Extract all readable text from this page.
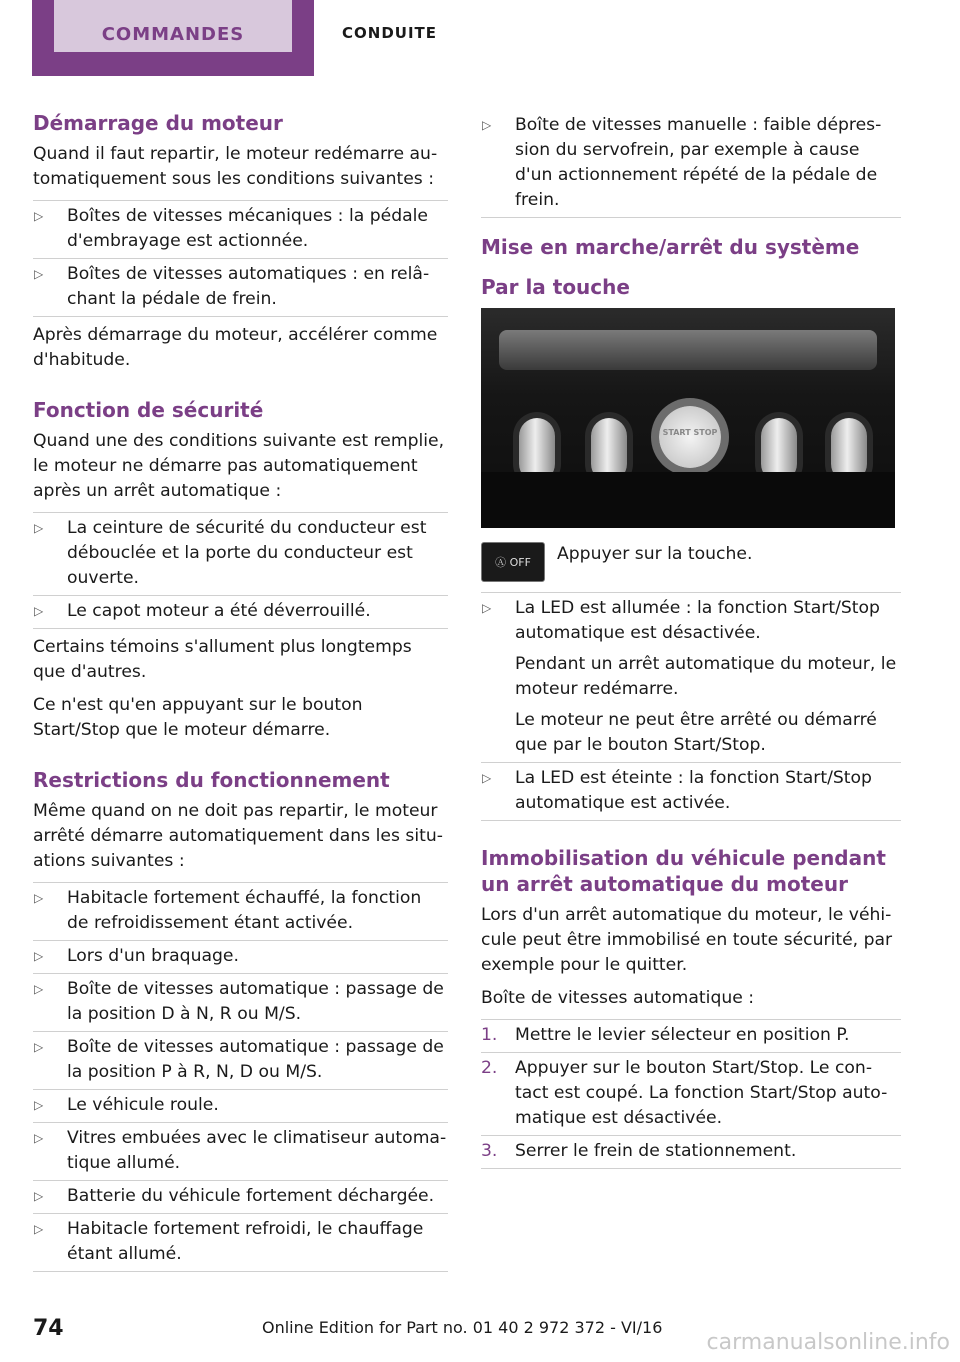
COMMANDES	CONDUITE
Démarrage du moteur

Quand il faut repartir, le moteur redémarre au-tomatiquement sous les conditions suivantes :

▷ Boîtes de vitesses mécaniques : la pédale d'embrayage est actionnée.
▷ Boîtes de vitesses automatiques : en relâ-chant la pédale de frein.

Après démarrage du moteur, accélérer comme d'habitude.

Fonction de sécurité

Quand une des conditions suivante est remplie, le moteur ne démarre pas automatiquement après un arrêt automatique :

▷ La ceinture de sécurité du conducteur est débouclée et la porte du conducteur est ouverte.
▷ Le capot moteur a été déverrouillé.

Certains témoins s'allument plus longtemps que d'autres.

Ce n'est qu'en appuyant sur le bouton Start/Stop que le moteur démarre.

Restrictions du fonctionnement

Même quand on ne doit pas repartir, le moteur arrêté démarre automatiquement dans les situ-ations suivantes :

▷ Habitacle fortement échauffé, la fonction de refroidissement étant activée.
▷ Lors d'un braquage.
▷ Boîte de vitesses automatique : passage de la position D à N, R ou M/S.
▷ Boîte de vitesses automatique : passage de la position P à R, N, D ou M/S.
▷ Le véhicule roule.
▷ Vitres embuées avec le climatiseur automa-tique allumé.
▷ Batterie du véhicule fortement déchargée.
▷ Habitacle fortement refroidi, le chauffage étant allumé.
▷ Boîte de vitesses manuelle : faible dépres-sion du servofrein, par exemple à cause d'un actionnement répété de la pédale de frein.
Mise en marche/arrêt du système
Par la touche
START STOP
Ⓐ OFF	Appuyer sur la touche.

▷ La LED est allumée : la fonction Start/Stop automatique est désactivée.
Pendant un arrêt automatique du moteur, le moteur redémarre.
Le moteur ne peut être arrêté ou démarré que par le bouton Start/Stop.
▷ La LED est éteinte : la fonction Start/Stop automatique est activée.
Immobilisation du véhicule pendant un arrêt automatique du moteur

Lors d'un arrêt automatique du moteur, le véhi-cule peut être immobilisé en toute sécurité, par exemple pour le quitter.

Boîte de vitesses automatique :

1. Mettre le levier sélecteur en position P.
2. Appuyer sur le bouton Start/Stop. Le con-tact est coupé. La fonction Start/Stop auto-matique est désactivée.
3. Serrer le frein de stationnement.
74	Online Edition for Part no. 01 40 2 972 372 - VI/16
carmanualsonline.info
